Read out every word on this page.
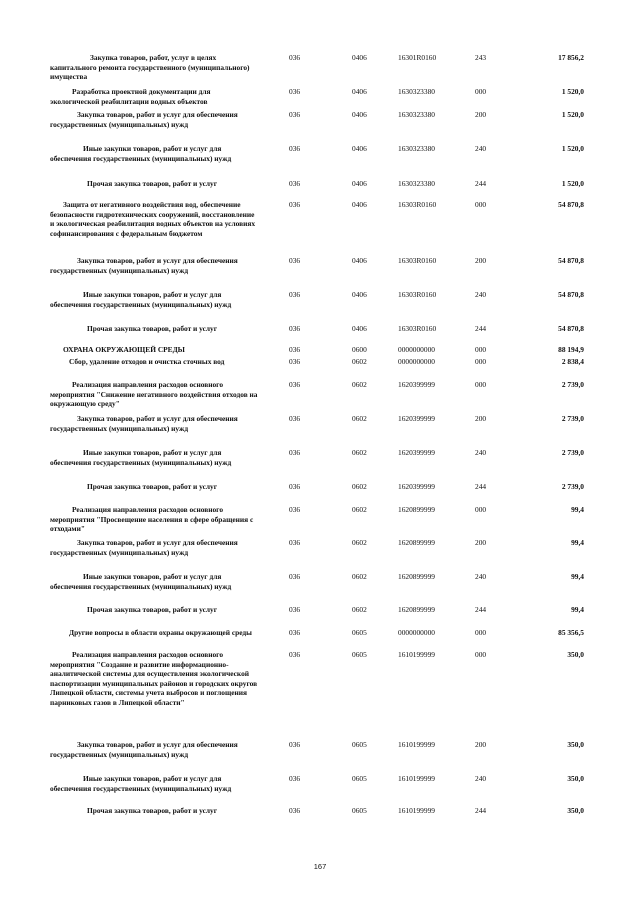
Закупка товаров, работ, услуг в целях капитального ремонта государственного (муниципального) имущества
036	0406	16301R0160	243	17 856,2
Разработка проектной документации для экологической реабилитации водных объектов
036	0406	1630323380	000	1 520,0
Закупка товаров, работ и услуг для обеспечения государственных (муниципальных) нужд
036	0406	1630323380	200	1 520,0
Иные закупки товаров, работ и услуг для обеспечения государственных (муниципальных) нужд
036	0406	1630323380	240	1 520,0
Прочая закупка товаров, работ и услуг	036	0406	1630323380	244	1 520,0
Защита от негативного воздействия вод, обеспечение безопасности гидротехнических сооружений, восстановление и экологическая реабилитация водных объектов на условиях софинансирования с федеральным бюджетом
036	0406	16303R0160	000	54 870,8
Закупка товаров, работ и услуг для обеспечения государственных (муниципальных) нужд
036	0406	16303R0160	200	54 870,8
Иные закупки товаров, работ и услуг для обеспечения государственных (муниципальных) нужд
036	0406	16303R0160	240	54 870,8
Прочая закупка товаров, работ и услуг	036	0406	16303R0160	244	54 870,8
ОХРАНА ОКРУЖАЮЩЕЙ СРЕДЫ	036	0600	0000000000	000	88 194,9
Сбор, удаление отходов и очистка сточных вод	036	0602	0000000000	000	2 838,4
Реализация направления расходов основного мероприятия "Снижение негативного воздействия отходов на окружающую среду"
036	0602	1620399999	000	2 739,0
Закупка товаров, работ и услуг для обеспечения государственных (муниципальных) нужд
036	0602	1620399999	200	2 739,0
Иные закупки товаров, работ и услуг для обеспечения государственных (муниципальных) нужд
036	0602	1620399999	240	2 739,0
Прочая закупка товаров, работ и услуг	036	0602	1620399999	244	2 739,0
Реализация направления расходов основного мероприятия "Просвещение населения в сфере обращения с отходами"
036	0602	1620899999	000	99,4
Закупка товаров, работ и услуг для обеспечения государственных (муниципальных) нужд
036	0602	1620899999	200	99,4
Иные закупки товаров, работ и услуг для обеспечения государственных (муниципальных) нужд
036	0602	1620899999	240	99,4
Прочая закупка товаров, работ и услуг	036	0602	1620899999	244	99,4
Другие вопросы в области охраны окружающей среды	036	0605	0000000000	000	85 356,5
Реализация направления расходов основного мероприятия "Создание и развитие информационно-аналитической системы для осуществления экологической паспортизации муниципальных районов и городских округов Липецкой области, системы учета выбросов и поглощения парниковых газов в Липецкой области"
036	0605	1610199999	000	350,0
Закупка товаров, работ и услуг для обеспечения государственных (муниципальных) нужд
036	0605	1610199999	200	350,0
Иные закупки товаров, работ и услуг для обеспечения государственных (муниципальных) нужд
036	0605	1610199999	240	350,0
Прочая закупка товаров, работ и услуг	036	0605	1610199999	244	350,0
167
